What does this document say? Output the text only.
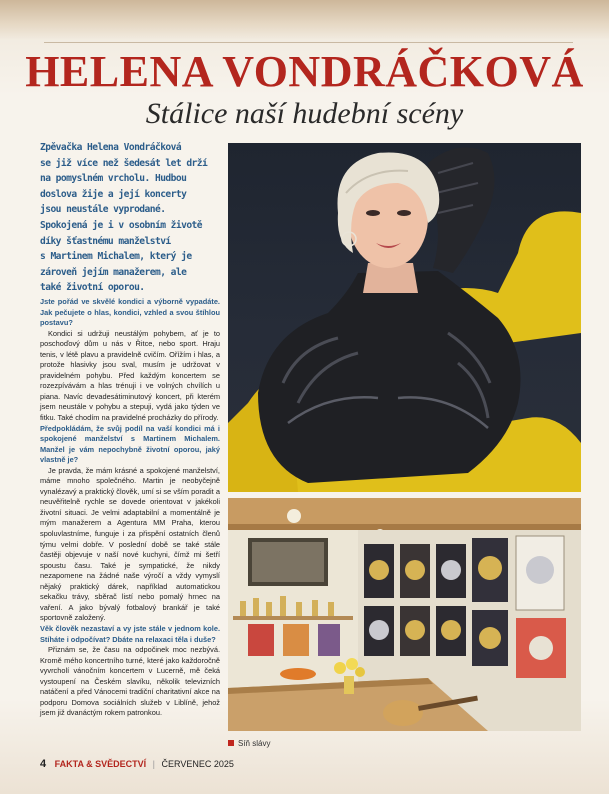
HELENA VONDRÁČKOVÁ
Stálice naší hudební scény
Zpěvačka Helena Vondráčková
se již více než šedesát let drží
na pomyslném vrcholu. Hudbou
doslova žije a její koncerty
jsou neustále vyprodané.
Spokojená je i v osobním životě
díky šťastnému manželství
s Martinem Michalem, který je
zároveň jejím manažerem, ale
také životní oporou.

Jste pořád ve skvělé kondici a výborně vypadáte. Jak pečujete o hlas, kondici, vzhled a svou štíhlou postavu?

Kondici si udržuji neustálým pohybem, ať je to poschoďový dům u nás v Řitce, nebo sport. Hraju tenis, v létě plavu a pravidelně cvičím. Ořížím i hlas, a protože hlasivky jsou sval, musím je udržovat v pravidelném pohybu. Před každým koncertem se rozezpívávám a hlas trénuji i ve volných chvílích u piana. Navíc devadesátiminutový koncert, při kterém jsem neustále v pohybu a stepuji, vydá jako týden ve fitku. Také chodím na pravidelné procházky do přírody.

Předpokládám, že svůj podíl na vaší kondici má i spokojené manželství s Martinem Michalem. Manžel je vám nepochybně životní oporou, jaký vlastně je?

Je pravda, že mám krásné a spokojené manželství, máme mnoho společného. Martin je neobyčejně vynalézavý a praktický člověk, umí si se vším poradit a neuvěřitelně rychle se dovede orientovat v jakékoli životní situaci. Je velmi adaptabilní a momentálně je mým manažerem a Agentura MM Praha, kterou spoluvlastníme, funguje i za přispění ostatních členů týmu velmi dobře. V poslední době se také stále častěji objevuje v naší nové kuchyni, čímž mi šetří spoustu času. Také je sympatické, že nikdy nezapomene na žádné naše výročí a vždy vymyslí nějaký praktický dárek, například automatickou sekačku trávy, sběrač listí nebo pomalý hrnec na vaření. A jako bývalý fotbalový brankář je také sportovně založený.

Věk člověk nezastaví a vy jste stále v jednom kole. Stíháte i odpočívat? Dbáte na relaxaci těla i duše?

Přiznám se, že času na odpočinek moc nezbývá. Kromě mého koncertního turné, které jako každoročně vyvrcholí vánočním koncertem v Lucerně, mě čeká vystoupení na Českém slavíku, několik televizních natáčení a před Vánocemi tradiční charitativní akce na podporu Domova sociálních služeb v Liblíně, jehož jsem již dvanáctým rokem patronkou.

Síň slávy
4 FAKTA & SVĚDECTVÍ | ČERVENEC 2025
